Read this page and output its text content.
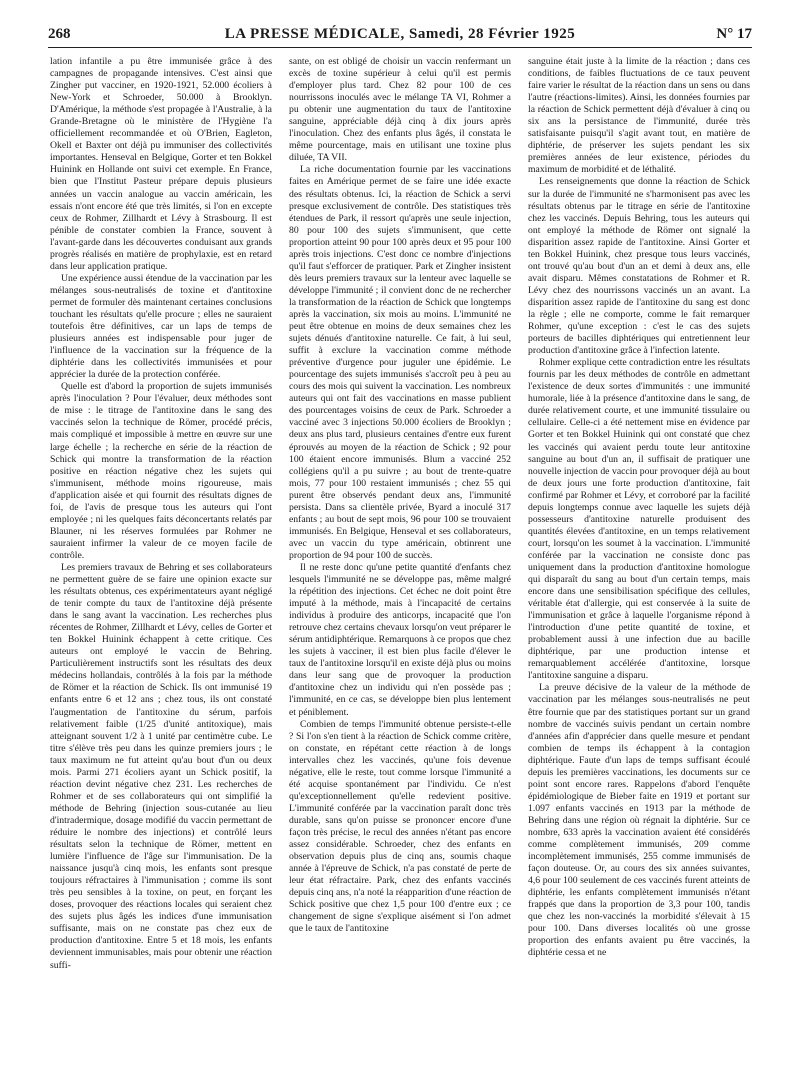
268	LA PRESSE MÉDICALE, Samedi, 28 Février 1925	N° 17

lation infantile a pu être immunisée grâce à des campagnes de propagande intensives. C'est ainsi que Zingher put vacciner, en 1920-1921, 52.000 écoliers à New-York et Schroeder, 50.000 à Brooklyn. D'Amérique, la méthode s'est propagée à l'Australie, à la Grande-Bretagne où le ministère de l'Hygiène l'a officiellement recommandée et où O'Brien, Eagleton, Okell et Baxter ont déjà pu immuniser des collectivités importantes. Henseval en Belgique, Gorter et ten Bokkel Huinink en Hollande ont suivi cet exemple. En France, bien que l'Institut Pasteur prépare depuis plusieurs années un vaccin analogue au vaccin américain, les essais n'ont encore été que très limités, si l'on en excepte ceux de Rohmer, Zillhardt et Lévy à Strasbourg. Il est pénible de constater combien la France, souvent à l'avant-garde dans les découvertes conduisant aux grands progrès réalisés en matière de prophylaxie, est en retard dans leur application pratique.

Une expérience aussi étendue de la vaccination par les mélanges sous-neutralisés de toxine et d'antitoxine permet de formuler dès maintenant certaines conclusions touchant les résultats qu'elle procure ; elles ne sauraient toutefois être définitives, car un laps de temps de plusieurs années est indispensable pour juger de l'influence de la vaccination sur la fréquence de la diphtérie dans les collectivités immunisées et pour apprécier la durée de la protection conférée.

Quelle est d'abord la proportion de sujets immunisés après l'inoculation ? Pour l'évaluer, deux méthodes sont de mise : le titrage de l'antitoxine dans le sang des vaccinés selon la technique de Römer, procédé précis, mais compliqué et impossible à mettre en œuvre sur une large échelle ; la recherche en série de la réaction de Schick qui montre la transformation de la réaction positive en réaction négative chez les sujets qui s'immunisent, méthode moins rigoureuse, mais d'application aisée et qui fournit des résultats dignes de foi, de l'avis de presque tous les auteurs qui l'ont employée ; ni les quelques faits déconcertants relatés par Blauner, ni les réserves formulées par Rohmer ne sauraient infirmer la valeur de ce moyen facile de contrôle.

Les premiers travaux de Behring et ses collaborateurs ne permettent guère de se faire une opinion exacte sur les résultats obtenus, ces expérimentateurs ayant négligé de tenir compte du taux de l'antitoxine déjà présente dans le sang avant la vaccination. Les recherches plus récentes de Rohmer, Zillhardt et Lévy, celles de Gorter et ten Bokkel Huinink échappent à cette critique. Ces auteurs ont employé le vaccin de Behring. Particulièrement instructifs sont les résultats des deux médecins hollandais, contrôlés à la fois par la méthode de Römer et la réaction de Schick. Ils ont immunisé 19 enfants entre 6 et 12 ans ; chez tous, ils ont constaté l'augmentation de l'antitoxine du sérum, parfois relativement faible (1/25 d'unité antitoxique), mais atteignant souvent 1/2 à 1 unité par centimètre cube. Le titre s'élève très peu dans les quinze premiers jours ; le taux maximum ne fut atteint qu'au bout d'un ou deux mois. Parmi 271 écoliers ayant un Schick positif, la réaction devint négative chez 231. Les recherches de Rohmer et de ses collaborateurs qui ont simplifié la méthode de Behring (injection sous-cutanée au lieu d'intradermique, dosage modifié du vaccin permettant de réduire le nombre des injections) et contrôlé leurs résultats selon la technique de Römer, mettent en lumière l'influence de l'âge sur l'immunisation. De la naissance jusqu'à cinq mois, les enfants sont presque toujours réfractaires à l'immunisation ; comme ils sont très peu sensibles à la toxine, on peut, en forçant les doses, provoquer des réactions locales qui seraient chez des sujets plus âgés les indices d'une immunisation suffisante, mais on ne constate pas chez eux de production d'antitoxine. Entre 5 et 18 mois, les enfants deviennent immunisables, mais pour obtenir une réaction suffi-

sante, on est obligé de choisir un vaccin renfermant un excès de toxine supérieur à celui qu'il est permis d'employer plus tard. Chez 82 pour 100 de ces nourrissons inoculés avec le mélange TA VI, Rohmer a pu obtenir une augmentation du taux de l'antitoxine sanguine, appréciable déjà cinq à dix jours après l'inoculation. Chez des enfants plus âgés, il constata le même pourcentage, mais en utilisant une toxine plus diluée, TA VII.

La riche documentation fournie par les vaccinations faites en Amérique permet de se faire une idée exacte des résultats obtenus. Ici, la réaction de Schick a servi presque exclusivement de contrôle. Des statistiques très étendues de Park, il ressort qu'après une seule injection, 80 pour 100 des sujets s'immunisent, que cette proportion atteint 90 pour 100 après deux et 95 pour 100 après trois injections. C'est donc ce nombre d'injections qu'il faut s'efforcer de pratiquer. Park et Zingher insistent dès leurs premiers travaux sur la lenteur avec laquelle se développe l'immunité ; il convient donc de ne rechercher la transformation de la réaction de Schick que longtemps après la vaccination, six mois au moins. L'immunité ne peut être obtenue en moins de deux semaines chez les sujets dénués d'antitoxine naturelle. Ce fait, à lui seul, suffit à exclure la vaccination comme méthode préventive d'urgence pour juguler une épidémie. Le pourcentage des sujets immunisés s'accroît peu à peu au cours des mois qui suivent la vaccination. Les nombreux auteurs qui ont fait des vaccinations en masse publient des pourcentages voisins de ceux de Park. Schroeder a vacciné avec 3 injections 50.000 écoliers de Brooklyn ; deux ans plus tard, plusieurs centaines d'entre eux furent éprouvés au moyen de la réaction de Schick ; 92 pour 100 étaient encore immunisés. Blum a vacciné 252 collégiens qu'il a pu suivre ; au bout de trente-quatre mois, 77 pour 100 restaient immunisés ; chez 55 qui purent être observés pendant deux ans, l'immunité persista. Dans sa clientèle privée, Byard a inoculé 317 enfants ; au bout de sept mois, 96 pour 100 se trouvaient immunisés. En Belgique, Henseval et ses collaborateurs, avec un vaccin du type américain, obtinrent une proportion de 94 pour 100 de succès.

Il ne reste donc qu'une petite quantité d'enfants chez lesquels l'immunité ne se développe pas, même malgré la répétition des injections. Cet échec ne doit point être imputé à la méthode, mais à l'incapacité de certains individus à produire des anticorps, incapacité que l'on retrouve chez certains chevaux lorsqu'on veut préparer le sérum antidiphtérique. Remarquons à ce propos que chez les sujets à vacciner, il est bien plus facile d'élever le taux de l'antitoxine lorsqu'il en existe déjà plus ou moins dans leur sang que de provoquer la production d'antitoxine chez un individu qui n'en possède pas ; l'immunité, en ce cas, se développe bien plus lentement et péniblement.

Combien de temps l'immunité obtenue persiste-t-elle ? Si l'on s'en tient à la réaction de Schick comme critère, on constate, en répétant cette réaction à de longs intervalles chez les vaccinés, qu'une fois devenue négative, elle le reste, tout comme lorsque l'immunité a été acquise spontanément par l'individu. Ce n'est qu'exceptionnellement qu'elle redevient positive. L'immunité conférée par la vaccination paraît donc très durable, sans qu'on puisse se prononcer encore d'une façon très précise, le recul des années n'étant pas encore assez considérable. Schroeder, chez des enfants en observation depuis plus de cinq ans, soumis chaque année à l'épreuve de Schick, n'a pas constaté de perte de leur état réfractaire. Park, chez des enfants vaccinés depuis cinq ans, n'a noté la réapparition d'une réaction de Schick positive que chez 1,5 pour 100 d'entre eux ; ce changement de signe s'explique aisément si l'on admet que le taux de l'antitoxine

sanguine était juste à la limite de la réaction ; dans ces conditions, de faibles fluctuations de ce taux peuvent faire varier le résultat de la réaction dans un sens ou dans l'autre (réactions-limites). Ainsi, les données fournies par la réaction de Schick permettent déjà d'évaluer à cinq ou six ans la persistance de l'immunité, durée très satisfaisante puisqu'il s'agit avant tout, en matière de diphtérie, de préserver les sujets pendant les six premières années de leur existence, périodes du maximum de morbidité et de léthalité.

Les renseignements que donne la réaction de Schick sur la durée de l'immunité ne s'harmonisent pas avec les résultats obtenus par le titrage en série de l'antitoxine chez les vaccinés. Depuis Behring, tous les auteurs qui ont employé la méthode de Römer ont signalé la disparition assez rapide de l'antitoxine. Ainsi Gorter et ten Bokkel Huinink, chez presque tous leurs vaccinés, ont trouvé qu'au bout d'un an et demi à deux ans, elle avait disparu. Mêmes constatations de Rohmer et R. Lévy chez des nourrissons vaccinés un an avant. La disparition assez rapide de l'antitoxine du sang est donc la règle ; elle ne comporte, comme le fait remarquer Rohmer, qu'une exception : c'est le cas des sujets porteurs de bacilles diphtériques qui entretiennent leur production d'antitoxine grâce à l'infection latente.

Rohmer explique cette contradiction entre les résultats fournis par les deux méthodes de contrôle en admettant l'existence de deux sortes d'immunités : une immunité humorale, liée à la présence d'antitoxine dans le sang, de durée relativement courte, et une immunité tissulaire ou cellulaire. Celle-ci a été nettement mise en évidence par Gorter et ten Bokkel Huinink qui ont constaté que chez les vaccinés qui avaient perdu toute leur antitoxine sanguine au bout d'un an, il suffisait de pratiquer une nouvelle injection de vaccin pour provoquer déjà au bout de deux jours une forte production d'antitoxine, fait confirmé par Rohmer et Lévy, et corroboré par la facilité depuis longtemps connue avec laquelle les sujets déjà possesseurs d'antitoxine naturelle produisent des quantités élevées d'antitoxine, en un temps relativement court, lorsqu'on les soumet à la vaccination. L'immunité conférée par la vaccination ne consiste donc pas uniquement dans la production d'antitoxine homologue qui disparaît du sang au bout d'un certain temps, mais encore dans une sensibilisation spécifique des cellules, véritable état d'allergie, qui est conservée à la suite de l'immunisation et grâce à laquelle l'organisme répond à l'introduction d'une petite quantité de toxine, et probablement aussi à une infection due au bacille diphtérique, par une production intense et remarquablement accélérée d'antitoxine, lorsque l'antitoxine sanguine a disparu.

La preuve décisive de la valeur de la méthode de vaccination par les mélanges sous-neutralisés ne peut être fournie que par des statistiques portant sur un grand nombre de vaccinés suivis pendant un certain nombre d'années afin d'apprécier dans quelle mesure et pendant combien de temps ils échappent à la contagion diphtérique. Faute d'un laps de temps suffisant écoulé depuis les premières vaccinations, les documents sur ce point sont encore rares. Rappelons d'abord l'enquête épidémiologique de Bieber faite en 1919 et portant sur 1.097 enfants vaccinés en 1913 par la méthode de Behring dans une région où régnait la diphtérie. Sur ce nombre, 633 après la vaccination avaient été considérés comme complètement immunisés, 209 comme incomplètement immunisés, 255 comme immunisés de façon douteuse. Or, au cours des six années suivantes, 4,6 pour 100 seulement de ces vaccinés furent atteints de diphtérie, les enfants complètement immunisés n'étant frappés que dans la proportion de 3,3 pour 100, tandis que chez les non-vaccinés la morbidité s'élevait à 15 pour 100. Dans diverses localités où une grosse proportion des enfants avaient pu être vaccinés, la diphtérie cessa et ne
